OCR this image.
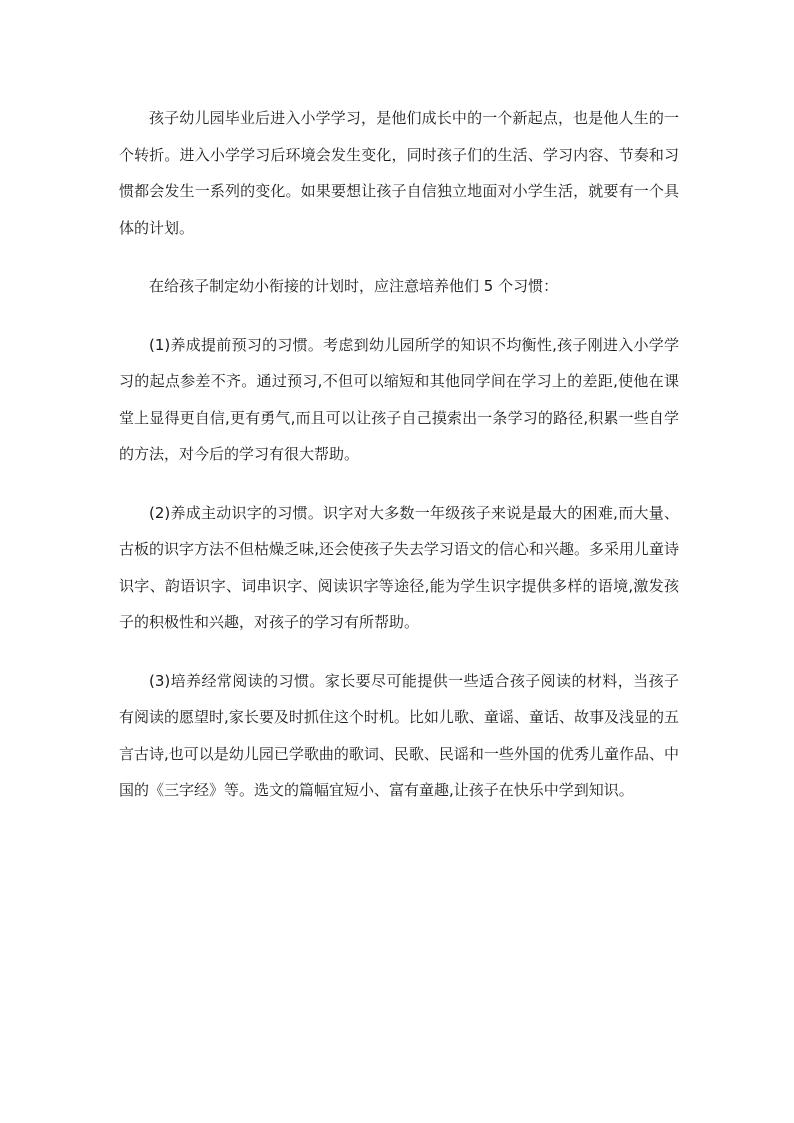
孩子幼儿园毕业后进入小学学习，是他们成长中的一个新起点，也是他人生的一个转折。进入小学学习后环境会发生变化，同时孩子们的生活、学习内容、节奏和习惯都会发生一系列的变化。如果要想让孩子自信独立地面对小学生活，就要有一个具体的计划。

在给孩子制定幼小衔接的计划时，应注意培养他们 5 个习惯：

(1)养成提前预习的习惯。考虑到幼儿园所学的知识不均衡性,孩子刚进入小学学习的起点参差不齐。通过预习,不但可以缩短和其他同学间在学习上的差距,使他在课堂上显得更自信,更有勇气,而且可以让孩子自己摸索出一条学习的路径,积累一些自学的方法，对今后的学习有很大帮助。

(2)养成主动识字的习惯。识字对大多数一年级孩子来说是最大的困难,而大量、古板的识字方法不但枯燥乏味,还会使孩子失去学习语文的信心和兴趣。多采用儿童诗识字、韵语识字、词串识字、阅读识字等途径,能为学生识字提供多样的语境,激发孩子的积极性和兴趣，对孩子的学习有所帮助。

(3)培养经常阅读的习惯。家长要尽可能提供一些适合孩子阅读的材料，当孩子有阅读的愿望时,家长要及时抓住这个时机。比如儿歌、童谣、童话、故事及浅显的五言古诗,也可以是幼儿园已学歌曲的歌词、民歌、民谣和一些外国的优秀儿童作品、中国的《三字经》等。选文的篇幅宜短小、富有童趣,让孩子在快乐中学到知识。
